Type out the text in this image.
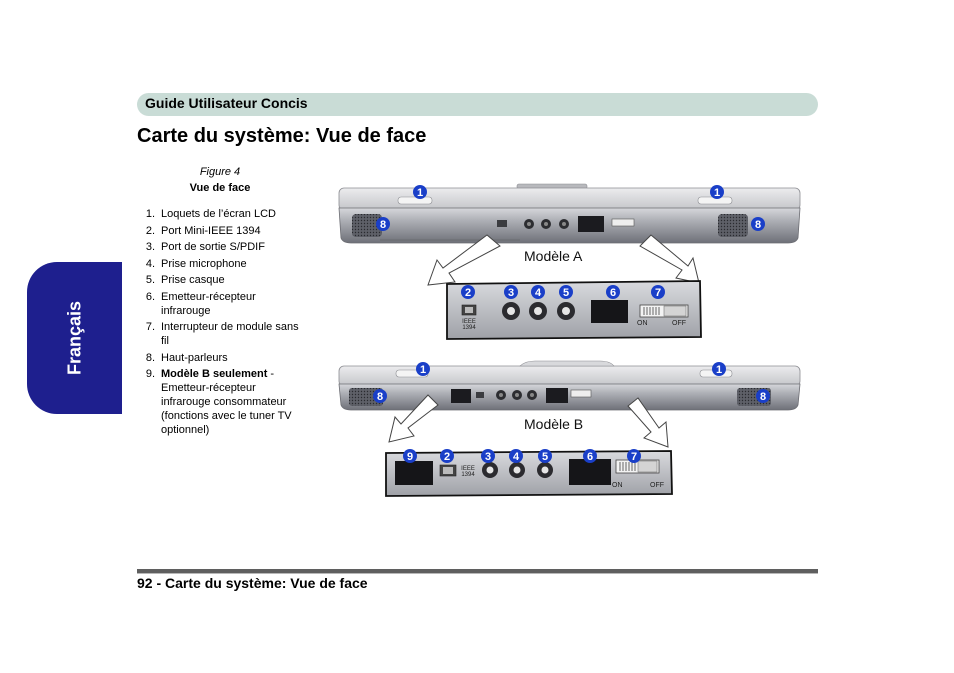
Guide Utilisateur Concis
Carte du système: Vue de face
Français
Figure 4
Vue de face
1 . Loquets de l’écran LCD
2 . Port Mini-IEEE 1394
3 . Port de sortie S/PDIF
4 . Prise microphone
5 . Prise casque
6 . Emetteur-récepteur infrarouge
7 . Interrupteur de module sans fil
8 . Haut-parleurs
9 . Modèle B seulement - Emetteur-récepteur infrarouge consommateur (fonctions avec le tuner TV optionnel)
IEEE
1394
ON	OFF
Modèle A
IEEE
1394
ON	OFF
Modèle B
1	1
8	8
2	3 4 5	6	7
1	1
8	8
9	2	3 4 5	6	7
92 - Carte du système: Vue de face
